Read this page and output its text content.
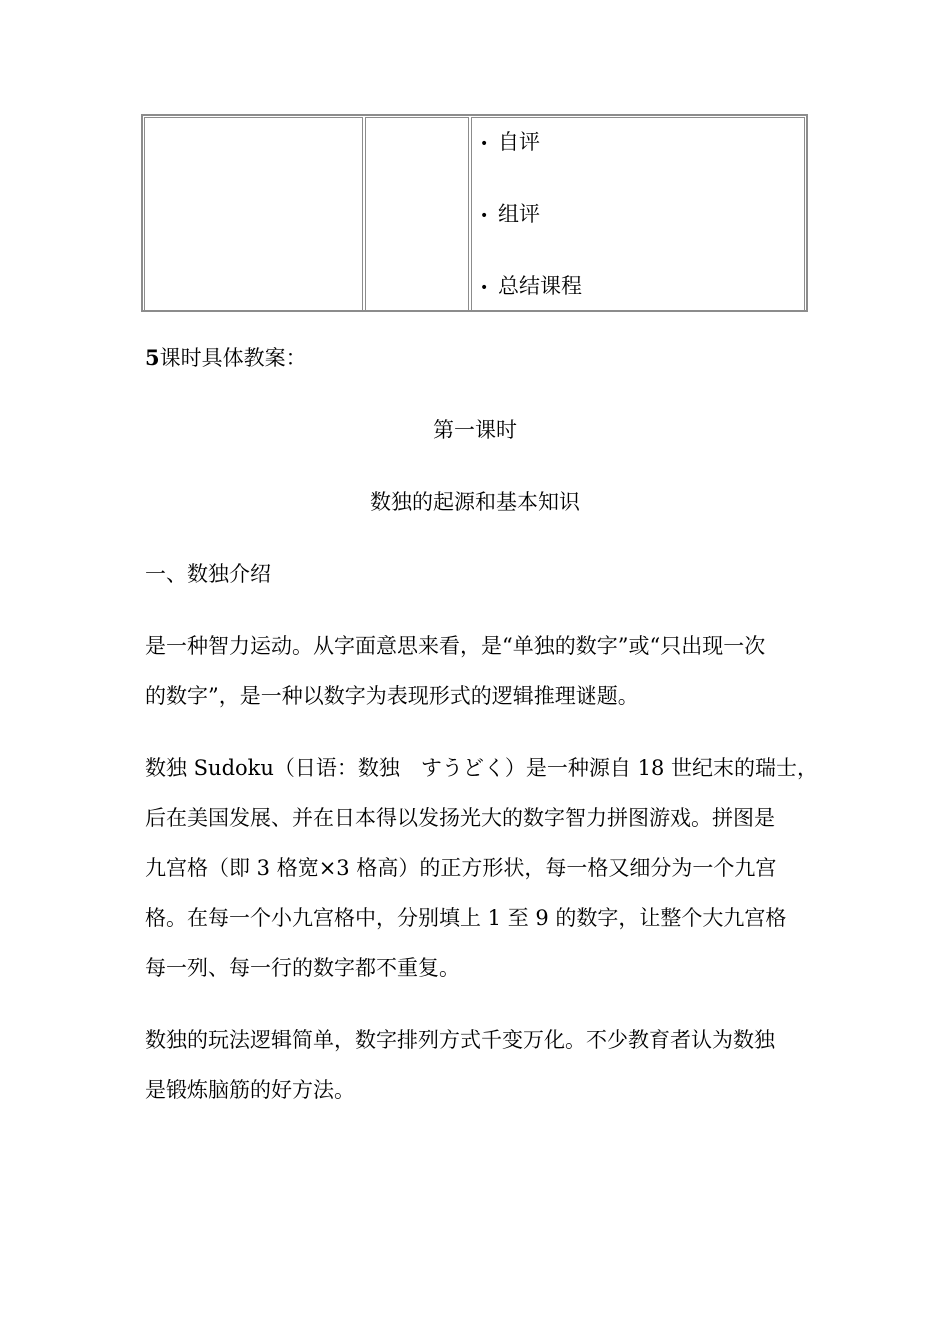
• 自评
• 组评
• 总结课程
5课时具体教案：
第一课时
数独的起源和基本知识
一、数独介绍
是一种智力运动。从字面意思来看，是“单独的数字”或“只出现一次
的数字”，是一种以数字为表现形式的逻辑推理谜题。
数独 Sudoku（日语：数独　すうどく）是一种源自 18 世纪末的瑞士，
后在美国发展、并在日本得以发扬光大的数字智力拼图游戏。拼图是
九宫格（即 3 格宽×3 格高）的正方形状，每一格又细分为一个九宫
格。在每一个小九宫格中，分别填上 1 至 9 的数字，让整个大九宫格
每一列、每一行的数字都不重复。
数独的玩法逻辑简单，数字排列方式千变万化。不少教育者认为数独
是锻炼脑筋的好方法。
